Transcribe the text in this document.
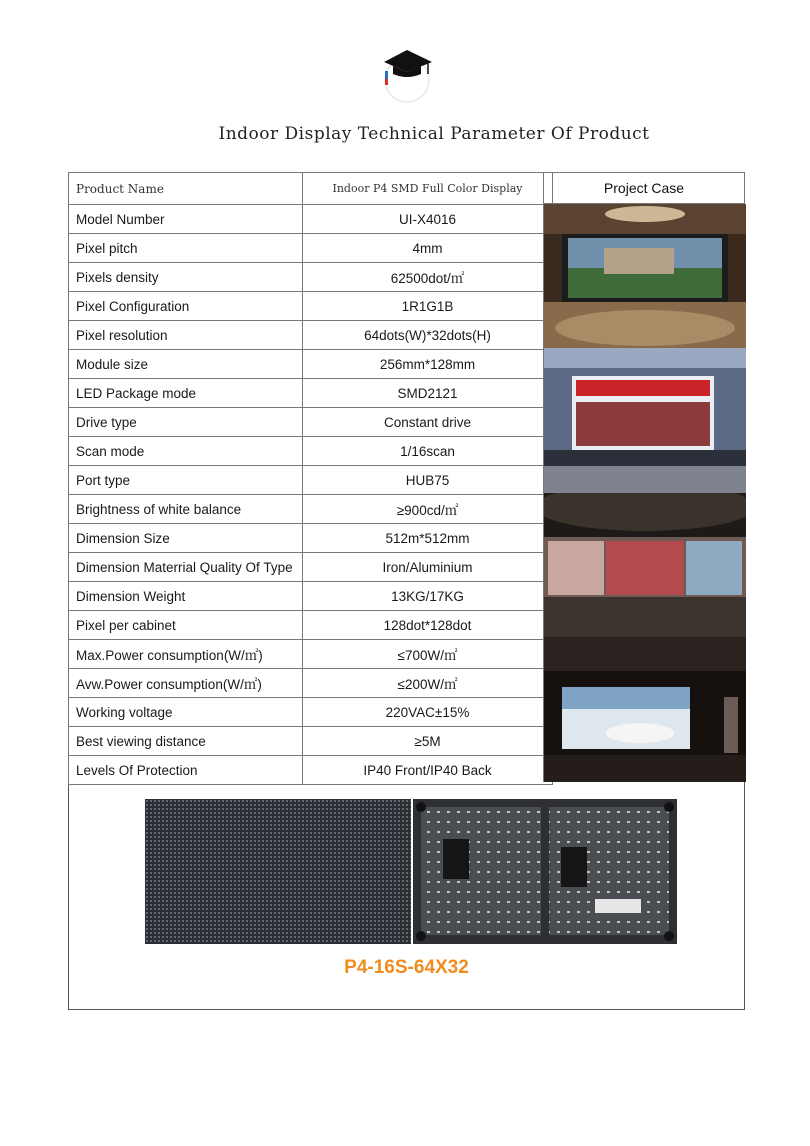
Indoor Display Technical Parameter Of Product
Product Name	Indoor P4 SMD Full Color Display
Model Number	UI-X4016
Pixel pitch	4mm
Pixels density	62500dot/㎡
Pixel Configuration	1R1G1B
Pixel resolution	64dots(W)*32dots(H)
Module size	256mm*128mm
LED Package mode	SMD2121
Drive type	Constant drive
Scan mode	1/16scan
Port type	HUB75
Brightness of white balance	≥900cd/㎡
Dimension Size	512m*512mm
Dimension Materrial Quality Of Type	Iron/Aluminium
Dimension Weight	13KG/17KG
Pixel per cabinet	128dot*128dot
Max.Power consumption(W/㎡)	≤700W/㎡
Avw.Power consumption(W/㎡)	≤200W/㎡
Working voltage	220VAC±15%
Best viewing distance	≥5M
Levels Of Protection	IP40 Front/IP40 Back
Project Case
P4-16S-64X32
